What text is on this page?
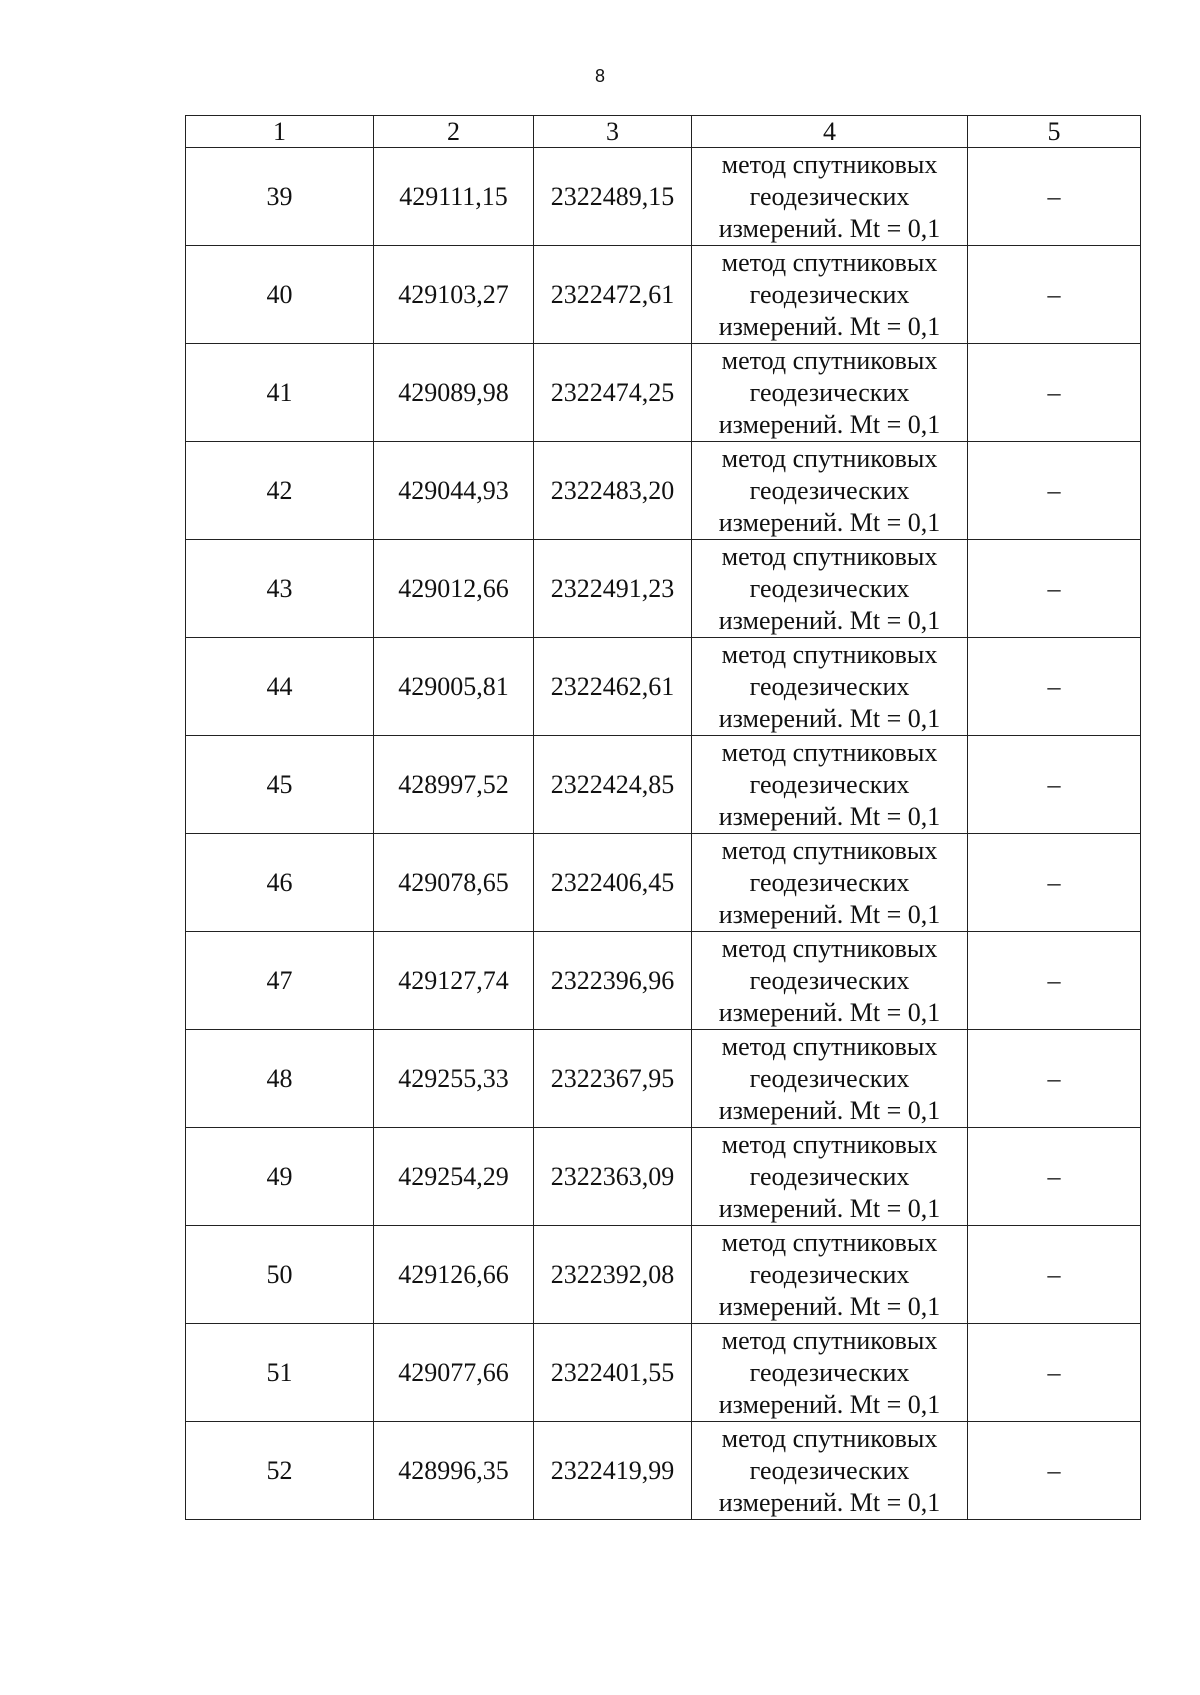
8
1	2	3	4	5
39	429111,15	2322489,15	метод спутниковых
геодезических
измерений. Mt = 0,1	–
40	429103,27	2322472,61	метод спутниковых
геодезических
измерений. Mt = 0,1	–
41	429089,98	2322474,25	метод спутниковых
геодезических
измерений. Mt = 0,1	–
42	429044,93	2322483,20	метод спутниковых
геодезических
измерений. Mt = 0,1	–
43	429012,66	2322491,23	метод спутниковых
геодезических
измерений. Mt = 0,1	–
44	429005,81	2322462,61	метод спутниковых
геодезических
измерений. Mt = 0,1	–
45	428997,52	2322424,85	метод спутниковых
геодезических
измерений. Mt = 0,1	–
46	429078,65	2322406,45	метод спутниковых
геодезических
измерений. Mt = 0,1	–
47	429127,74	2322396,96	метод спутниковых
геодезических
измерений. Mt = 0,1	–
48	429255,33	2322367,95	метод спутниковых
геодезических
измерений. Mt = 0,1	–
49	429254,29	2322363,09	метод спутниковых
геодезических
измерений. Mt = 0,1	–
50	429126,66	2322392,08	метод спутниковых
геодезических
измерений. Mt = 0,1	–
51	429077,66	2322401,55	метод спутниковых
геодезических
измерений. Mt = 0,1	–
52	428996,35	2322419,99	метод спутниковых
геодезических
измерений. Mt = 0,1	–
